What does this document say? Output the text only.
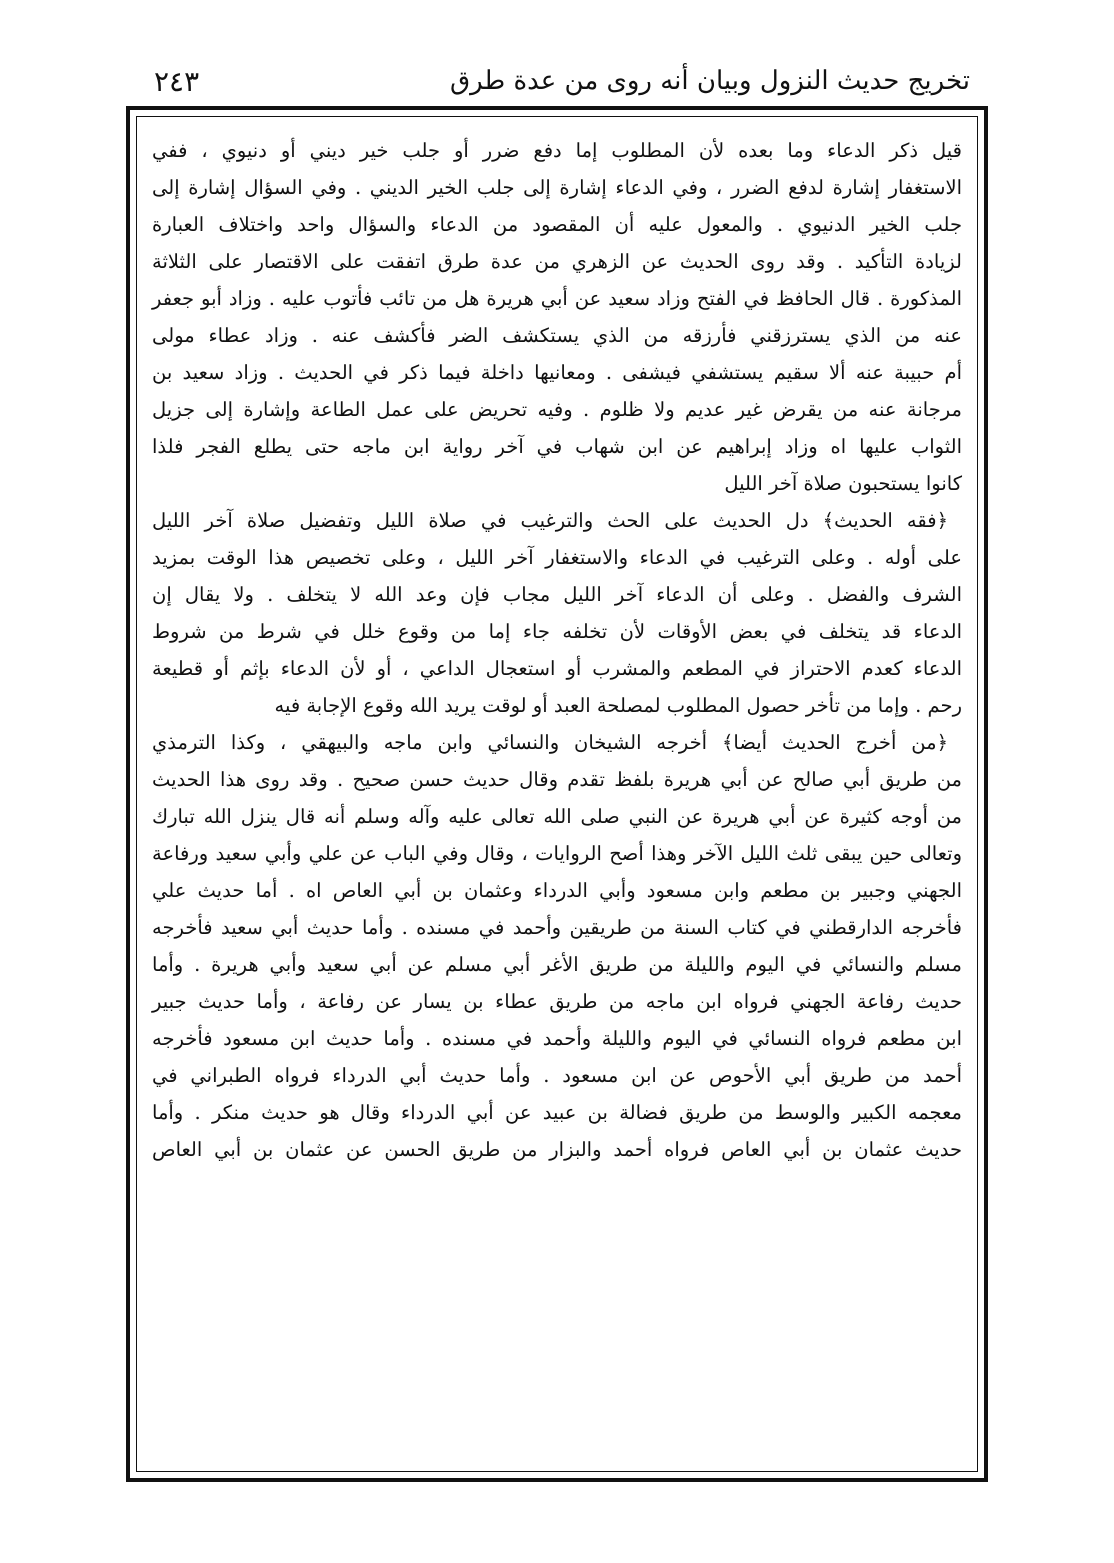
تخريج حديث النزول وبيان أنه روى من عدة طرق
٢٤٣
قيل ذكر الدعاء وما بعده لأن المطلوب إما دفع ضرر أو جلب خير ديني أو دنيوي ، ففي
الاستغفار إشارة لدفع الضرر ، وفي الدعاء إشارة إلى جلب الخير الديني . وفي السؤال إشارة إلى
جلب الخير الدنيوي . والمعول عليه أن المقصود من الدعاء والسؤال واحد واختلاف العبارة
لزيادة التأكيد . وقد روى الحديث عن الزهري من عدة طرق اتفقت على الاقتصار على الثلاثة
المذكورة . قال الحافظ في الفتح وزاد سعيد عن أبي هريرة هل من تائب فأتوب عليه . وزاد أبو جعفر
عنه من الذي يسترزقني فأرزقه من الذي يستكشف الضر فأكشف عنه . وزاد عطاء مولى
أم حبيبة عنه ألا سقيم يستشفي فيشفى . ومعانيها داخلة فيما ذكر في الحديث . وزاد سعيد بن
مرجانة عنه من يقرض غير عديم ولا ظلوم . وفيه تحريض على عمل الطاعة وإشارة إلى جزيل
الثواب عليها اه وزاد إبراهيم عن ابن شهاب في آخر رواية ابن ماجه حتى يطلع الفجر فلذا
كانوا يستحبون صلاة آخر الليل
﴿فقه الحديث﴾ دل الحديث على الحث والترغيب في صلاة الليل وتفضيل صلاة آخر الليل
على أوله . وعلى الترغيب في الدعاء والاستغفار آخر الليل ، وعلى تخصيص هذا الوقت بمزيد
الشرف والفضل . وعلى أن الدعاء آخر الليل مجاب فإن وعد الله لا يتخلف . ولا يقال إن
الدعاء قد يتخلف في بعض الأوقات لأن تخلفه جاء إما من وقوع خلل في شرط من شروط
الدعاء كعدم الاحتراز في المطعم والمشرب أو استعجال الداعي ، أو لأن الدعاء بإثم أو قطيعة
رحم . وإما من تأخر حصول المطلوب لمصلحة العبد أو لوقت يريد الله وقوع الإجابة فيه
﴿من أخرج الحديث أيضا﴾ أخرجه الشيخان والنسائي وابن ماجه والبيهقي ، وكذا الترمذي
من طريق أبي صالح عن أبي هريرة بلفظ تقدم وقال حديث حسن صحيح . وقد روى هذا الحديث
من أوجه كثيرة عن أبي هريرة عن النبي صلى الله تعالى عليه وآله وسلم أنه قال ينزل الله تبارك
وتعالى حين يبقى ثلث الليل الآخر وهذا أصح الروايات ، وقال وفي الباب عن علي وأبي سعيد ورفاعة
الجهني وجبير بن مطعم وابن مسعود وأبي الدرداء وعثمان بن أبي العاص اه . أما حديث علي
فأخرجه الدارقطني في كتاب السنة من طريقين وأحمد في مسنده . وأما حديث أبي سعيد فأخرجه
مسلم والنسائي في اليوم والليلة من طريق الأغر أبي مسلم عن أبي سعيد وأبي هريرة . وأما
حديث رفاعة الجهني فرواه ابن ماجه من طريق عطاء بن يسار عن رفاعة ، وأما حديث جبير
ابن مطعم فرواه النسائي في اليوم والليلة وأحمد في مسنده . وأما حديث ابن مسعود فأخرجه
أحمد من طريق أبي الأحوص عن ابن مسعود . وأما حديث أبي الدرداء فرواه الطبراني في
معجمه الكبير والوسط من طريق فضالة بن عبيد عن أبي الدرداء وقال هو حديث منكر . وأما
حديث عثمان بن أبي العاص فرواه أحمد والبزار من طريق الحسن عن عثمان بن أبي العاص
